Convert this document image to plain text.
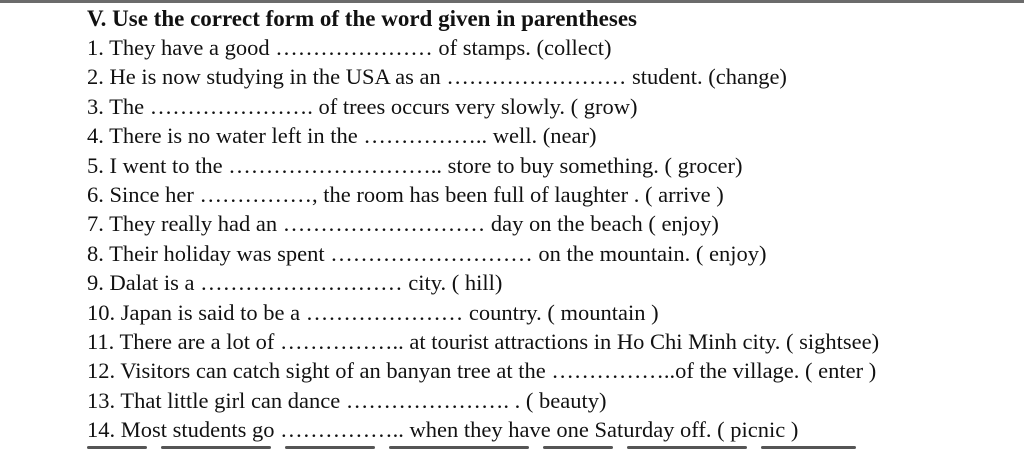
V. Use the correct form of the word given in parentheses
1. They have a good ………………… of stamps. (collect)
2. He is now studying in the USA as an …………………… student. (change)
3. The …………………. of trees occurs very slowly. ( grow)
4. There is no water left in the …………….. well. (near)
5. I went to the ……………………….. store to buy something. ( grocer)
6. Since her ……………, the room has been full of laughter . ( arrive )
7. They really had an ……………………… day on the beach ( enjoy)
8. Their holiday was spent ……………………… on the mountain. ( enjoy)
9. Dalat is a ……………………… city. ( hill)
10. Japan is said to be a ………………… country. ( mountain )
11. There are a lot of …………….. at tourist attractions in Ho Chi Minh city. ( sightsee)
12. Visitors can catch sight of an banyan tree at the ……………..of the village. ( enter )
13. That little girl can dance …………………. . ( beauty)
14. Most students go …………….. when they have one Saturday off. ( picnic )
